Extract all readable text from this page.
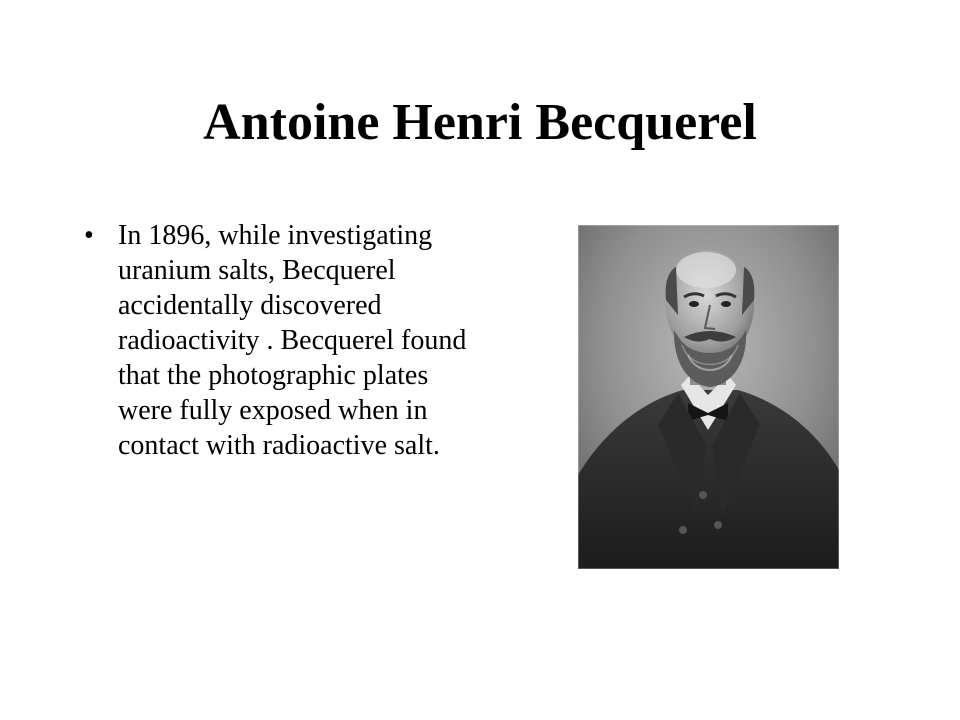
Antoine Henri Becquerel
• In 1896, while investigating uranium salts, Becquerel accidentally discovered radioactivity . Becquerel found that the photographic plates were fully exposed when in contact with radioactive salt.
